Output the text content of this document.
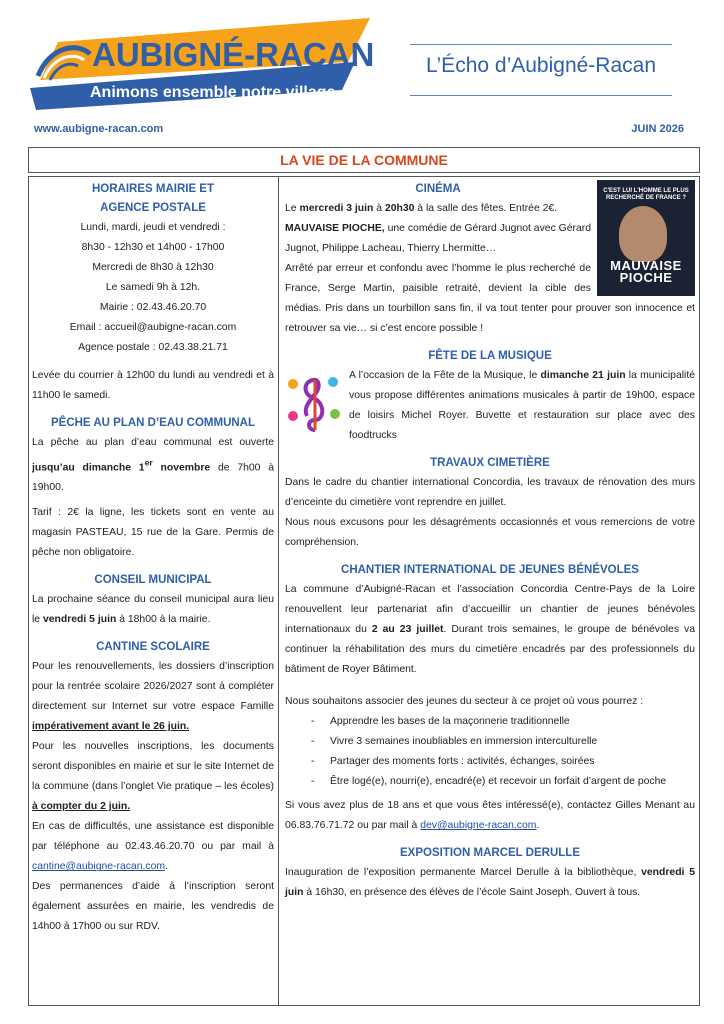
AUBIGNÉ-RACAN
Animons ensemble notre village
L’Écho d’Aubigné-Racan
www.aubigne-racan.com	JUIN 2026
LA VIE DE LA COMMUNE
HORAIRES MAIRIE ET
AGENCE POSTALE

Lundi, mardi, jeudi et vendredi :

8h30 - 12h30 et 14h00 - 17h00

Mercredi de 8h30 à 12h30

Le samedi 9h à 12h.

Mairie : 02.43.46.20.70

Email : accueil@aubigne-racan.com

Agence postale : 02.43.38.21.71

Levée du courrier à 12h00 du lundi au vendredi et à 11h00 le samedi.

PÊCHE AU PLAN D’EAU COMMUNAL

La pêche au plan d’eau communal est ouverte jusqu’au dimanche 1er novembre de 7h00 à 19h00.

Tarif : 2€ la ligne, les tickets sont en vente au magasin PASTEAU, 15 rue de la Gare. Permis de pêche non obligatoire.

CONSEIL MUNICIPAL

La prochaine séance du conseil municipal aura lieu le vendredi 5 juin à 18h00 à la mairie.

CANTINE SCOLAIRE

Pour les renouvellements, les dossiers d’inscription pour la rentrée scolaire 2026/2027 sont à compléter directement sur Internet sur votre espace Famille impérativement avant le 26 juin.

Pour les nouvelles inscriptions, les documents seront disponibles en mairie et sur le site Internet de la commune (dans l’onglet Vie pratique – les écoles) à compter du 2 juin.

En cas de difficultés, une assistance est disponible par téléphone au 02.43.46.20.70 ou par mail à cantine@aubigne-racan.com.

Des permanences d’aide à l’inscription seront également assurées en mairie, les vendredis de 14h00 à 17h00 ou sur RDV.

C'EST LUI L'HOMME LE PLUS RECHERCHÉ DE FRANCE ?
MAUVAISE
PIOCHE
CINÉMA

Le mercredi 3 juin à 20h30 à la salle des fêtes. Entrée 2€.

MAUVAISE PIOCHE, une comédie de Gérard Jugnot avec Gérard Jugnot, Philippe Lacheau, Thierry Lhermitte…

Arrêté par erreur et confondu avec l’homme le plus recherché de France, Serge Martin, paisible retraité, devient la cible des médias. Pris dans un tourbillon sans fin, il va tout tenter pour prouver son innocence et retrouver sa vie… si c’est encore possible !

FÊTE DE LA MUSIQUE

A l’occasion de la Fête de la Musique, le dimanche 21 juin la municipalité vous propose différentes animations musicales à partir de 19h00, espace de loisirs Michel Royer. Buvette et restauration sur place avec des foodtrucks

TRAVAUX CIMETIÈRE

Dans le cadre du chantier international Concordia, les travaux de rénovation des murs d’enceinte du cimetière vont reprendre en juillet.

Nous nous excusons pour les désagréments occasionnés et vous remercions de votre compréhension.

CHANTIER INTERNATIONAL DE JEUNES BÉNÉVOLES

La commune d’Aubigné-Racan et l’association Concordia Centre-Pays de la Loire renouvellent leur partenariat afin d’accueillir un chantier de jeunes bénévoles internationaux du 2 au 23 juillet. Durant trois semaines, le groupe de bénévoles va continuer la réhabilitation des murs du cimetière encadrés par des professionnels du bâtiment de Royer Bâtiment.

Nous souhaitons associer des jeunes du secteur à ce projet où vous pourrez :

- Apprendre les bases de la maçonnerie traditionnelle
- Vivre 3 semaines inoubliables en immersion interculturelle
- Partager des moments forts : activités, échanges, soirées
- Être logé(e), nourri(e), encadré(e) et recevoir un forfait d’argent de poche

Si vous avez plus de 18 ans et que vous êtes intéressé(e), contactez Gilles Menant au 06.83.76.71.72 ou par mail à dev@aubigne-racan.com.

EXPOSITION MARCEL DERULLE

Inauguration de l’exposition permanente Marcel Derulle à la bibliothèque, vendredi 5 juin à 16h30, en présence des élèves de l’école Saint Joseph. Ouvert à tous.
